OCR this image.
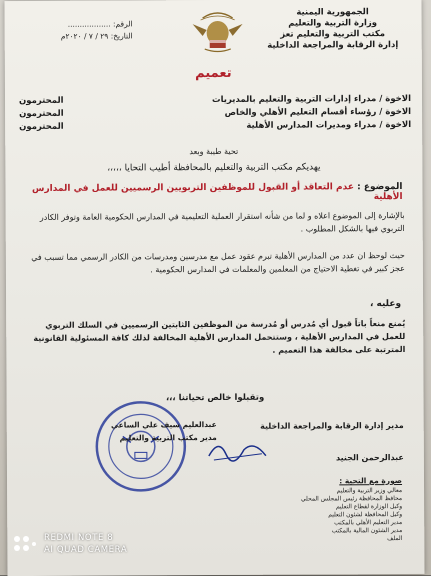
الجمهورية اليمنية
وزارة التربية والتعليم
مكتب التربية والتعليم تعز
إدارة الرقابة والمراجعة الداخلية
الرقم: ..................
التاريخ: ٢٩ / ٧ / ٢٠٢٠م
تعميم
الاخوة / مدراء إدارات التربية والتعليم بالمديريات
المحترمون
الاخوة / رؤساء أقسام التعليم الأهلي والخاص
المحترمون
الاخوة / مدراء ومديرات المدارس الأهلية
المحترمون
تحية طيبة وبعد
يهديكم مكتب التربية والتعليم بالمحافظة أطيب التحايا ،،،،،
الموضوع : عدم التعاقد أو القبول للموظفين التربويين الرسميين للعمل في المدارس الأهلية
بالإشارة إلى الموضوع اعلاه و لما من شأنه استقرار العملية التعليمية في المدارس الحكومية العامة وتوفر الكادر التربوي فيها بالشكل المطلوب .
حيث لوحظ ان عدد من المدارس الأهلية تبرم عقود عمل مع مدرسين ومدرسات من الكادر الرسمي مما تسبب في عجز كبير في تغطية الاحتياج من المعلمين والمعلمات في المدارس الحكومية .
وعليه ،
يُمنع منعاً باتاً قبول أي مُدرس أو مُدرسة من الموظفين الثابتين الرسميين في السلك التربوي للعمل في المدارس الأهلية ، وستتحمل المدارس الأهلية المخالفة لذلك كافة المسئولية القانونية المترتبة على مخالفة هذا التعميم .
وتقبلوا خالص تحياتنا ،،،
مدير إدارة الرقابة والمراجعة الداخلية
عبدالرحمن الجنيد
عبدالعليم سيف علي الساعي
مدير مكتب التربية والتعليم
صورة مع التحية :
معالي وزير التربية والتعليم
محافظ المحافظة رئيس المجلس المحلي
وكيل الوزارة لقطاع التعليم
وكيل المحافظة لشئون التعليم
مدير التعليم الأهلي بالمكتب
مدير الشئون المالية بالمكتب
الملف
REDMI NOTE 8
AI QUAD CAMERA
